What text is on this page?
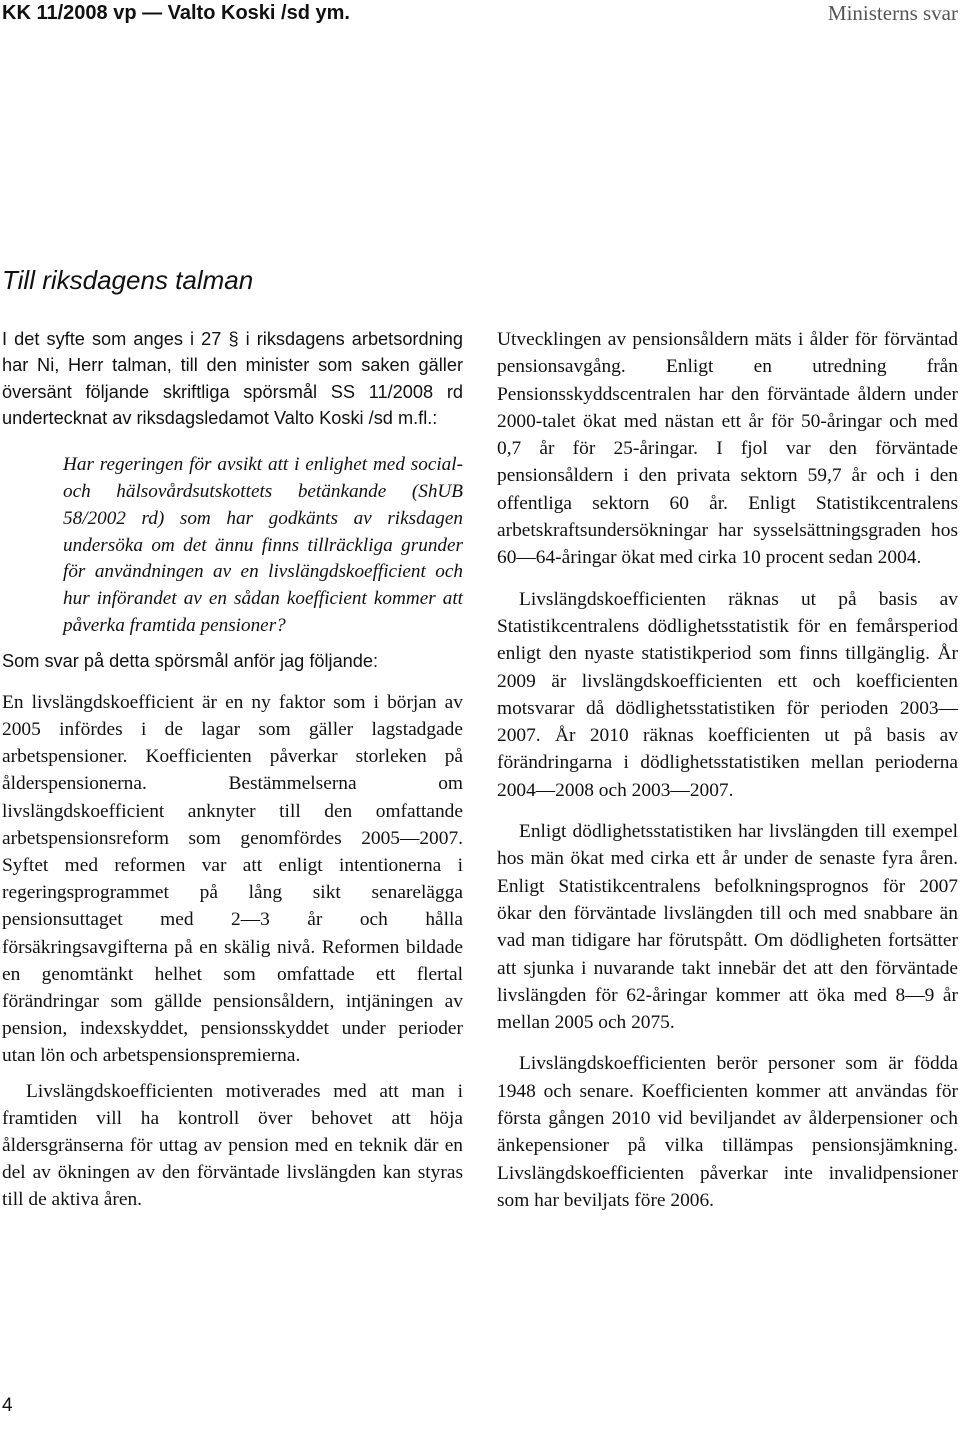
KK 11/2008 vp — Valto Koski /sd ym.	Ministerns svar
Till riksdagens talman

I det syfte som anges i 27 § i riksdagens arbetsordning har Ni, Herr talman, till den minister som saken gäller översänt följande skriftliga spörsmål SS 11/2008 rd undertecknat av riksdagsledamot Valto Koski /sd m.fl.:

Har regeringen för avsikt att i enlighet med social- och hälsovårdsutskottets betänkande (ShUB 58/2002 rd) som har godkänts av riksdagen undersöka om det ännu finns tillräckliga grunder för användningen av en livslängdskoefficient och hur införandet av en sådan koefficient kommer att påverka framtida pensioner?

Som svar på detta spörsmål anför jag följande:

En livslängdskoefficient är en ny faktor som i början av 2005 infördes i de lagar som gäller lagstadgade arbetspensioner. Koefficienten påverkar storleken på ålderspensionerna. Bestämmelserna om livslängdskoefficient anknyter till den omfattande arbetspensionsreform som genomfördes 2005—2007. Syftet med reformen var att enligt intentionerna i regeringsprogrammet på lång sikt senarelägga pensionsuttaget med 2—3 år och hålla försäkringsavgifterna på en skälig nivå. Reformen bildade en genomtänkt helhet som omfattade ett flertal förändringar som gällde pensionsåldern, intjäningen av pension, indexskyddet, pensionsskyddet under perioder utan lön och arbetspensionspremierna.

Livslängdskoefficienten motiverades med att man i framtiden vill ha kontroll över behovet att höja åldersgränserna för uttag av pension med en teknik där en del av ökningen av den förväntade livslängden kan styras till de aktiva åren.

Utvecklingen av pensionsåldern mäts i ålder för förväntad pensionsavgång. Enligt en utredning från Pensionsskyddscentralen har den förväntade åldern under 2000-talet ökat med nästan ett år för 50-åringar och med 0,7 år för 25-åringar. I fjol var den förväntade pensionsåldern i den privata sektorn 59,7 år och i den offentliga sektorn 60 år. Enligt Statistikcentralens arbetskraftsundersökningar har sysselsättningsgraden hos 60—64-åringar ökat med cirka 10 procent sedan 2004.

Livslängdskoefficienten räknas ut på basis av Statistikcentralens dödlighetsstatistik för en femårsperiod enligt den nyaste statistikperiod som finns tillgänglig. År 2009 är livslängdskoefficienten ett och koefficienten motsvarar då dödlighetsstatistiken för perioden 2003—2007. År 2010 räknas koefficienten ut på basis av förändringarna i dödlighetsstatistiken mellan perioderna 2004—2008 och 2003—2007.

Enligt dödlighetsstatistiken har livslängden till exempel hos män ökat med cirka ett år under de senaste fyra åren. Enligt Statistikcentralens befolkningsprognos för 2007 ökar den förväntade livslängden till och med snabbare än vad man tidigare har förutspått. Om dödligheten fortsätter att sjunka i nuvarande takt innebär det att den förväntade livslängden för 62-åringar kommer att öka med 8—9 år mellan 2005 och 2075.

Livslängdskoefficienten berör personer som är födda 1948 och senare. Koefficienten kommer att användas för första gången 2010 vid beviljandet av ålderpensioner och änkepensioner på vilka tillämpas pensionsjämkning. Livslängdskoefficienten påverkar inte invalidpensioner som har beviljats före 2006.

4
